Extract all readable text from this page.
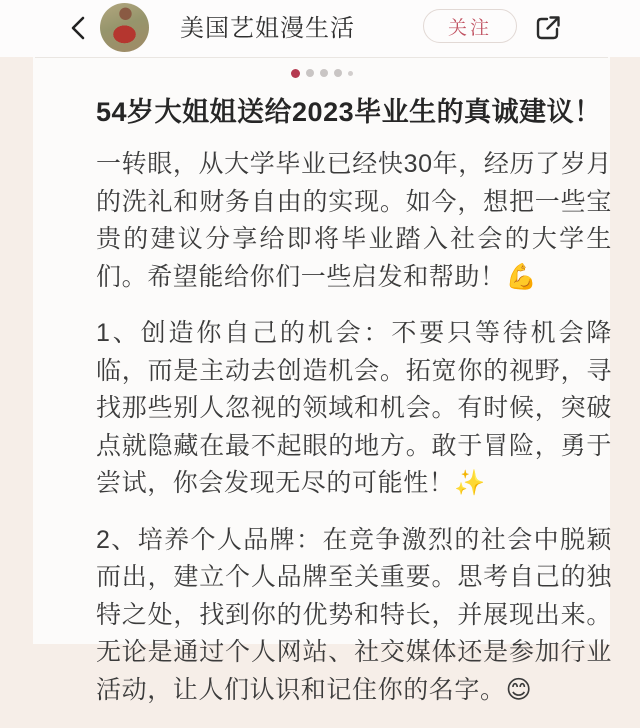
54岁大姐姐送给2023毕业生的真诚建议！

一转眼，从大学毕业已经快30年，经历了岁月的洗礼和财务自由的实现。如今，想把一些宝贵的建议分享给即将毕业踏入社会的大学生们。希望能给你们一些启发和帮助！💪

1、创造你自己的机会：不要只等待机会降临，而是主动去创造机会。拓宽你的视野，寻找那些别人忽视的领域和机会。有时候，突破点就隐藏在最不起眼的地方。敢于冒险，勇于尝试，你会发现无尽的可能性！✨

2、培养个人品牌：在竞争激烈的社会中脱颖而出，建立个人品牌至关重要。思考自己的独特之处，找到你的优势和特长，并展现出来。无论是通过个人网站、社交媒体还是参加行业活动，让人们认识和记住你的名字。😊

美国艺姐漫生活	关注
